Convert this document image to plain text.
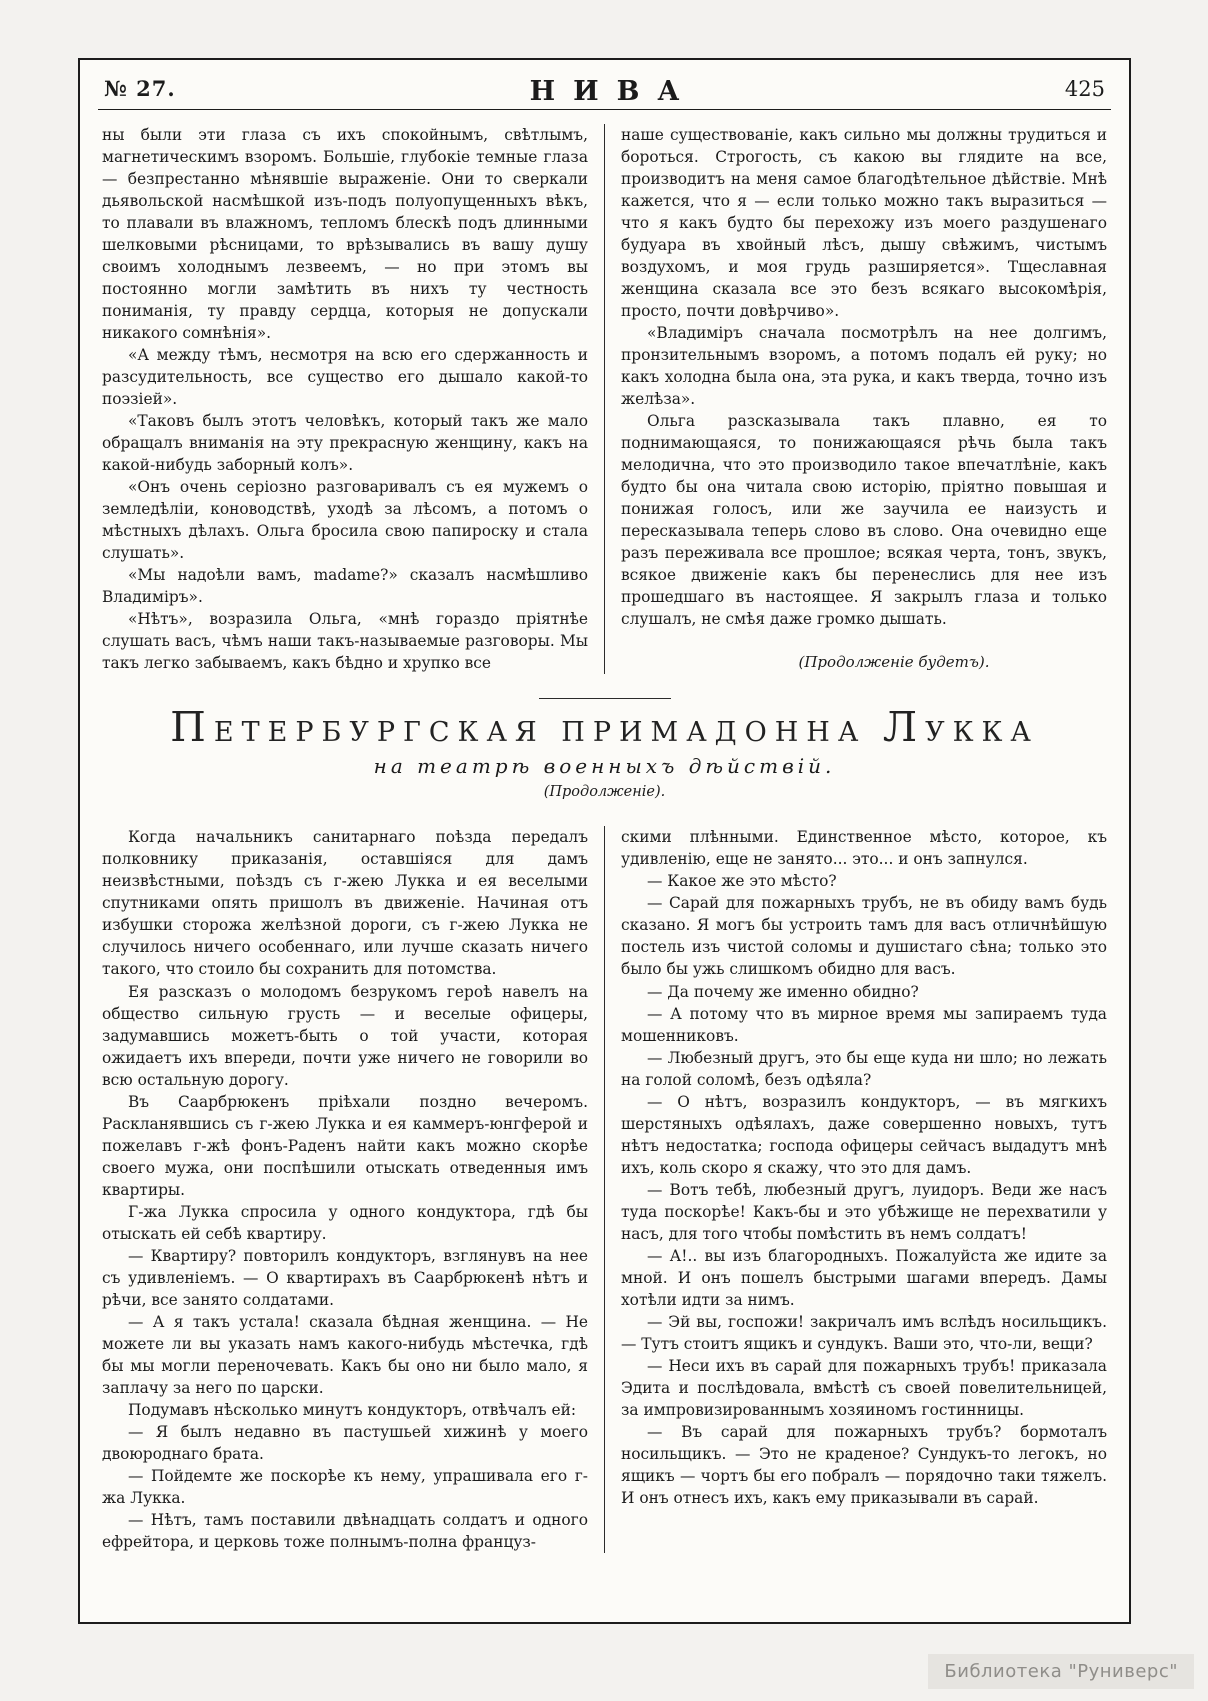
№ 27.	НИВА	425

ны были эти глаза съ ихъ спокойнымъ, свѣтлымъ, магнетическимъ взоромъ. Большіе, глубокіе темные глаза — безпрестанно мѣнявшіе выраженіе. Они то сверкали дьявольской насмѣшкой изъ-подъ полуопущенныхъ вѣкъ, то плавали въ влажномъ, тепломъ блескѣ подъ длинными шелковыми рѣсницами, то врѣзывались въ вашу душу своимъ холоднымъ лезвеемъ, — но при этомъ вы постоянно могли замѣтить въ нихъ ту честность пониманія, ту правду сердца, которыя не допускали никакого сомнѣнія».

«А между тѣмъ, несмотря на всю его сдержанность и разсудительность, все существо его дышало какой-то поэзіей».

«Таковъ былъ этотъ человѣкъ, который такъ же мало обращалъ вниманія на эту прекрасную женщину, какъ на какой-нибудь заборный колъ».

«Онъ очень серіозно разговаривалъ съ ея мужемъ о земледѣліи, коноводствѣ, уходѣ за лѣсомъ, а потомъ о мѣстныхъ дѣлахъ. Ольга бросила свою папироску и стала слушать».

«Мы надоѣли вамъ, madame?» сказалъ насмѣшливо Владиміръ».

«Нѣтъ», возразила Ольга, «мнѣ гораздо пріятнѣе слушать васъ, чѣмъ наши такъ-называемые разговоры. Мы такъ легко забываемъ, какъ бѣдно и хрупко все

наше существованіе, какъ сильно мы должны трудиться и бороться. Строгость, съ какою вы глядите на все, производитъ на меня самое благодѣтельное дѣйствіе. Мнѣ кажется, что я — если только можно такъ выразиться — что я какъ будто бы перехожу изъ моего раздушенаго будуара въ хвойный лѣсъ, дышу свѣжимъ, чистымъ воздухомъ, и моя грудь разширяется». Тщеславная женщина сказала все это безъ всякаго высокомѣрія, просто, почти довѣрчиво».

«Владиміръ сначала посмотрѣлъ на нее долгимъ, пронзительнымъ взоромъ, а потомъ подалъ ей руку; но какъ холодна была она, эта рука, и какъ тверда, точно изъ желѣза».

Ольга разсказывала такъ плавно, ея то поднимающаяся, то понижающаяся рѣчь была такъ мелодична, что это производило такое впечатлѣніе, какъ будто бы она читала свою исторію, пріятно повышая и понижая голосъ, или же заучила ее наизусть и пересказывала теперь слово въ слово. Она очевидно еще разъ переживала все прошлое; всякая черта, тонъ, звукъ, всякое движеніе какъ бы перенеслись для нее изъ прошедшаго въ настоящее. Я закрылъ глаза и только слушалъ, не смѣя даже громко дышать.

(Продолженіе будетъ).

ПЕТЕРБУРГСКАЯ ПРИМАДОННА ЛУККА
на театрѣ военныхъ дѣйствій.
(Продолженіе).

Когда начальникъ санитарнаго поѣзда передалъ полковнику приказанія, оставшіяся для дамъ неизвѣстными, поѣздъ съ г-жею Лукка и ея веселыми спутниками опять пришолъ въ движеніе. Начиная отъ избушки сторожа желѣзной дороги, съ г-жею Лукка не случилось ничего особеннаго, или лучше сказать ничего такого, что стоило бы сохранить для потомства.

Ея разсказъ о молодомъ безрукомъ героѣ навелъ на общество сильную грусть — и веселые офицеры, задумавшись можетъ-быть о той участи, которая ожидаетъ ихъ впереди, почти уже ничего не говорили во всю остальную дорогу.

Въ Саарбрюкенъ пріѣхали поздно вечеромъ. Раскланявшись съ г-жею Лукка и ея каммеръ-юнгферой и пожелавъ г-жѣ фонъ-Раденъ найти какъ можно скорѣе своего мужа, они поспѣшили отыскать отведенныя имъ квартиры.

Г-жа Лукка спросила у одного кондуктора, гдѣ бы отыскать ей себѣ квартиру.

— Квартиру? повторилъ кондукторъ, взглянувъ на нее съ удивленіемъ. — О квартирахъ въ Саарбрюкенѣ нѣтъ и рѣчи, все занято солдатами.

— А я такъ устала! сказала бѣдная женщина. — Не можете ли вы указать намъ какого-нибудь мѣстечка, гдѣ бы мы могли переночевать. Какъ бы оно ни было мало, я заплачу за него по царски.

Подумавъ нѣсколько минутъ кондукторъ, отвѣчалъ ей:

— Я былъ недавно въ пастушьей хижинѣ у моего двоюроднаго брата.

— Пойдемте же поскорѣе къ нему, упрашивала его г-жа Лукка.

— Нѣтъ, тамъ поставили двѣнадцать солдатъ и одного ефрейтора, и церковь тоже полнымъ-полна француз-

скими плѣнными. Единственное мѣсто, которое, къ удивленію, еще не занято... это... и онъ запнулся.

— Какое же это мѣсто?

— Сарай для пожарныхъ трубъ, не въ обиду вамъ будь сказано. Я могъ бы устроить тамъ для васъ отличнѣйшую постель изъ чистой соломы и душистаго сѣна; только это было бы ужь слишкомъ обидно для васъ.

— Да почему же именно обидно?

— А потому что въ мирное время мы запираемъ туда мошенниковъ.

— Любезный другъ, это бы еще куда ни шло; но лежать на голой соломѣ, безъ одѣяла?

— О нѣтъ, возразилъ кондукторъ, — въ мягкихъ шерстяныхъ одѣялахъ, даже совершенно новыхъ, тутъ нѣтъ недостатка; господа офицеры сейчасъ выдадутъ мнѣ ихъ, коль скоро я скажу, что это для дамъ.

— Вотъ тебѣ, любезный другъ, луидоръ. Веди же насъ туда поскорѣе! Какъ-бы и это убѣжище не перехватили у насъ, для того чтобы помѣстить въ немъ солдатъ!

— А!.. вы изъ благородныхъ. Пожалуйста же идите за мной. И онъ пошелъ быстрыми шагами впередъ. Дамы хотѣли идти за нимъ.

— Эй вы, госпожи! закричалъ имъ вслѣдъ носильщикъ. — Тутъ стоитъ ящикъ и сундукъ. Ваши это, что-ли, вещи?

— Неси ихъ въ сарай для пожарныхъ трубъ! приказала Эдита и послѣдовала, вмѣстѣ съ своей повелительницей, за импровизированнымъ хозяиномъ гостинницы.

— Въ сарай для пожарныхъ трубъ? бормоталъ носильщикъ. — Это не краденое? Сундукъ-то легокъ, но ящикъ — чортъ бы его побралъ — порядочно таки тяжелъ. И онъ отнесъ ихъ, какъ ему приказывали въ сарай.

Библиотека "Руниверс"
